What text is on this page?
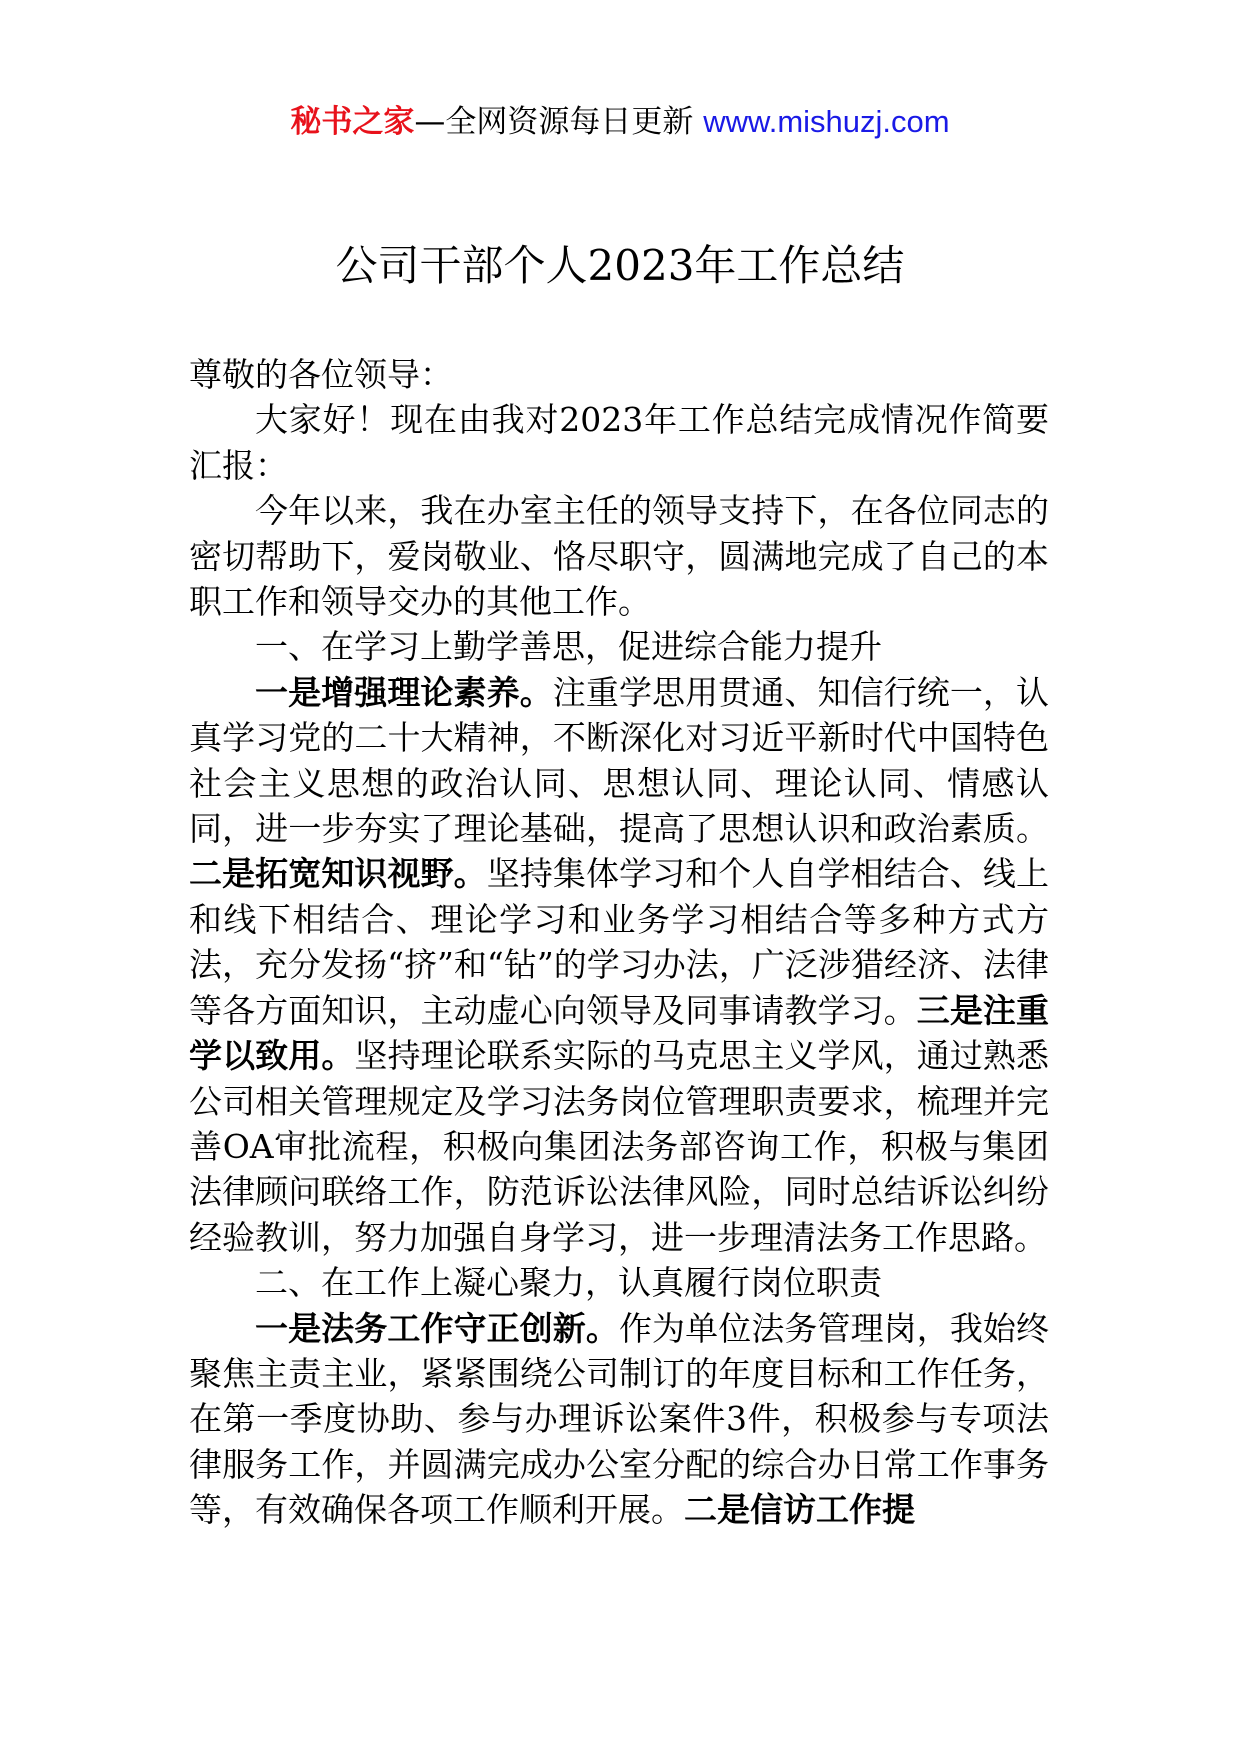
秘书之家—全网资源每日更新 www.mishuzj.com
公司干部个人2023年工作总结

尊敬的各位领导：

大家好！现在由我对2023年工作总结完成情况作简要汇报：

今年以来，我在办室主任的领导支持下，在各位同志的密切帮助下，爱岗敬业、恪尽职守，圆满地完成了自己的本职工作和领导交办的其他工作。

一、在学习上勤学善思，促进综合能力提升

一是增强理论素养。注重学思用贯通、知信行统一，认真学习党的二十大精神，不断深化对习近平新时代中国特色社会主义思想的政治认同、思想认同、理论认同、情感认同，进一步夯实了理论基础，提高了思想认识和政治素质。二是拓宽知识视野。坚持集体学习和个人自学相结合、线上和线下相结合、理论学习和业务学习相结合等多种方式方法，充分发扬“挤”和“钻”的学习办法，广泛涉猎经济、法律等各方面知识，主动虚心向领导及同事请教学习。三是注重学以致用。坚持理论联系实际的马克思主义学风，通过熟悉公司相关管理规定及学习法务岗位管理职责要求，梳理并完善OA审批流程，积极向集团法务部咨询工作，积极与集团法律顾问联络工作，防范诉讼法律风险，同时总结诉讼纠纷经验教训，努力加强自身学习，进一步理清法务工作思路。

二、在工作上凝心聚力，认真履行岗位职责

一是法务工作守正创新。作为单位法务管理岗，我始终聚焦主责主业，紧紧围绕公司制订的年度目标和工作任务，在第一季度协助、参与办理诉讼案件3件，积极参与专项法律服务工作，并圆满完成办公室分配的综合办日常工作事务等，有效确保各项工作顺利开展。二是信访工作提
